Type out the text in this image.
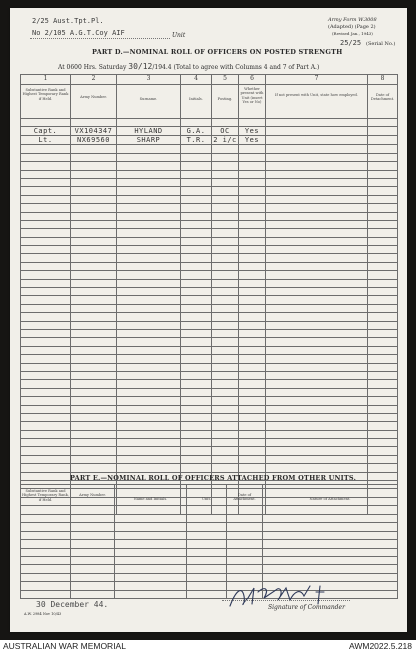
2/25 Aust.Tpt.Pl.
No 2/105 A.G.T.Coy AIF	Unit
Army Form W.3008
(Adapted) (Page 2)
(Revised Jan., 1943)
25/25 (Serial No.)
PART D.—NOMINAL ROLL OF OFFICERS ON POSTED STRENGTH
At 0600 Hrs. Saturday 30/12/194.4 (Total to agree with Columns 4 and 7 of Part A.)
1	2	3	4	5	6	7	8
Substantive Rank and Highest Temporary Rank if Held.	Army Number.	Surname.	Initials.	Posting.	Whether present with Unit (insert Yes or No)	If not present with Unit, state how employed.	Date of Detachment.

Capt.	VX104347	HYLAND	G.A.	OC	Yes		
Lt.	NX69560	SHARP	T.R.	2 i/c	Yes		

PART E.—NOMINAL ROLL OF OFFICERS ATTACHED FROM OTHER UNITS.
Substantive Rank and Highest Temporary Rank, if Held.	Army Number.	Name and Initials.	Unit.	Date of Attachment.	Nature of Attachment.

A.W. 2984 Nov 10/43
30 December 44.	Signature of Commander
AUSTRALIAN WAR MEMORIAL	AWM2022.5.218
